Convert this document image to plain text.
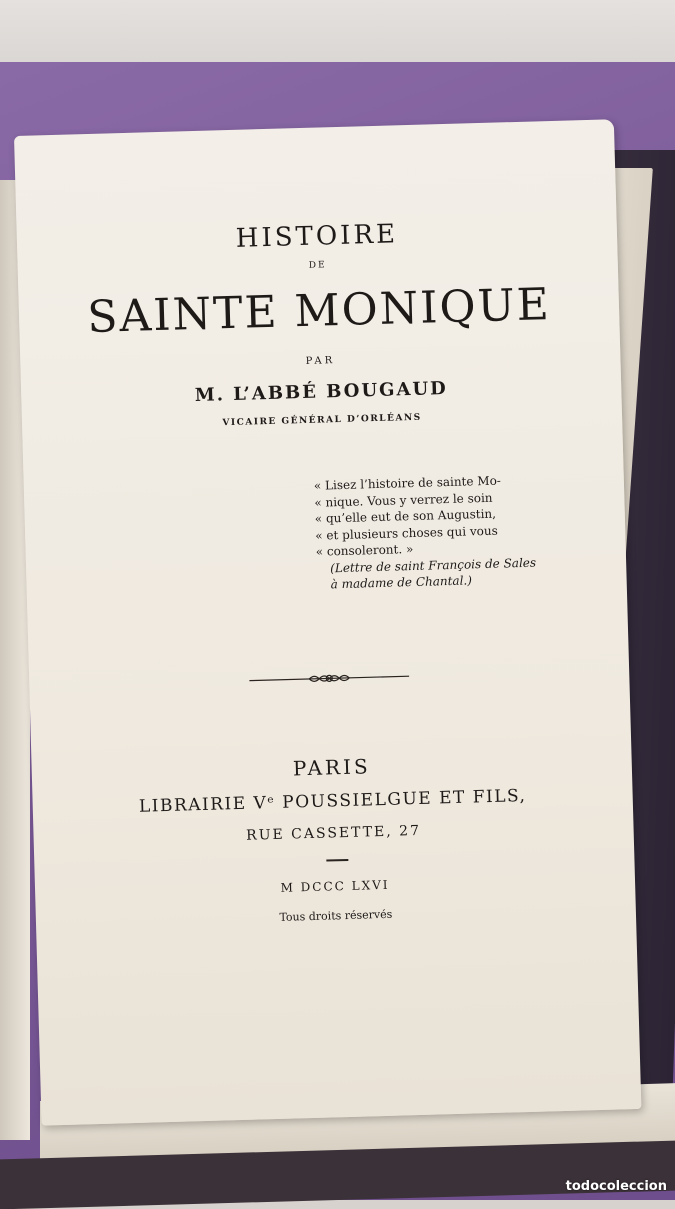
HISTOIRE

DE

SAINTE MONIQUE

PAR

M. L’ABBÉ BOUGAUD

VICAIRE GÉNÉRAL D’ORLÉANS

« Lisez l’histoire de sainte Mo-
« nique. Vous y verrez le soin
« qu’elle eut de son Augustin,
« et plusieurs choses qui vous
« consoleront. »
(Lettre de saint François de Sales
à madame de Chantal.)

PARIS

LIBRAIRIE Vᵉ POUSSIELGUE ET FILS,

RUE CASSETTE, 27

M DCCC LXVI

Tous droits réservés

todocoleccion
